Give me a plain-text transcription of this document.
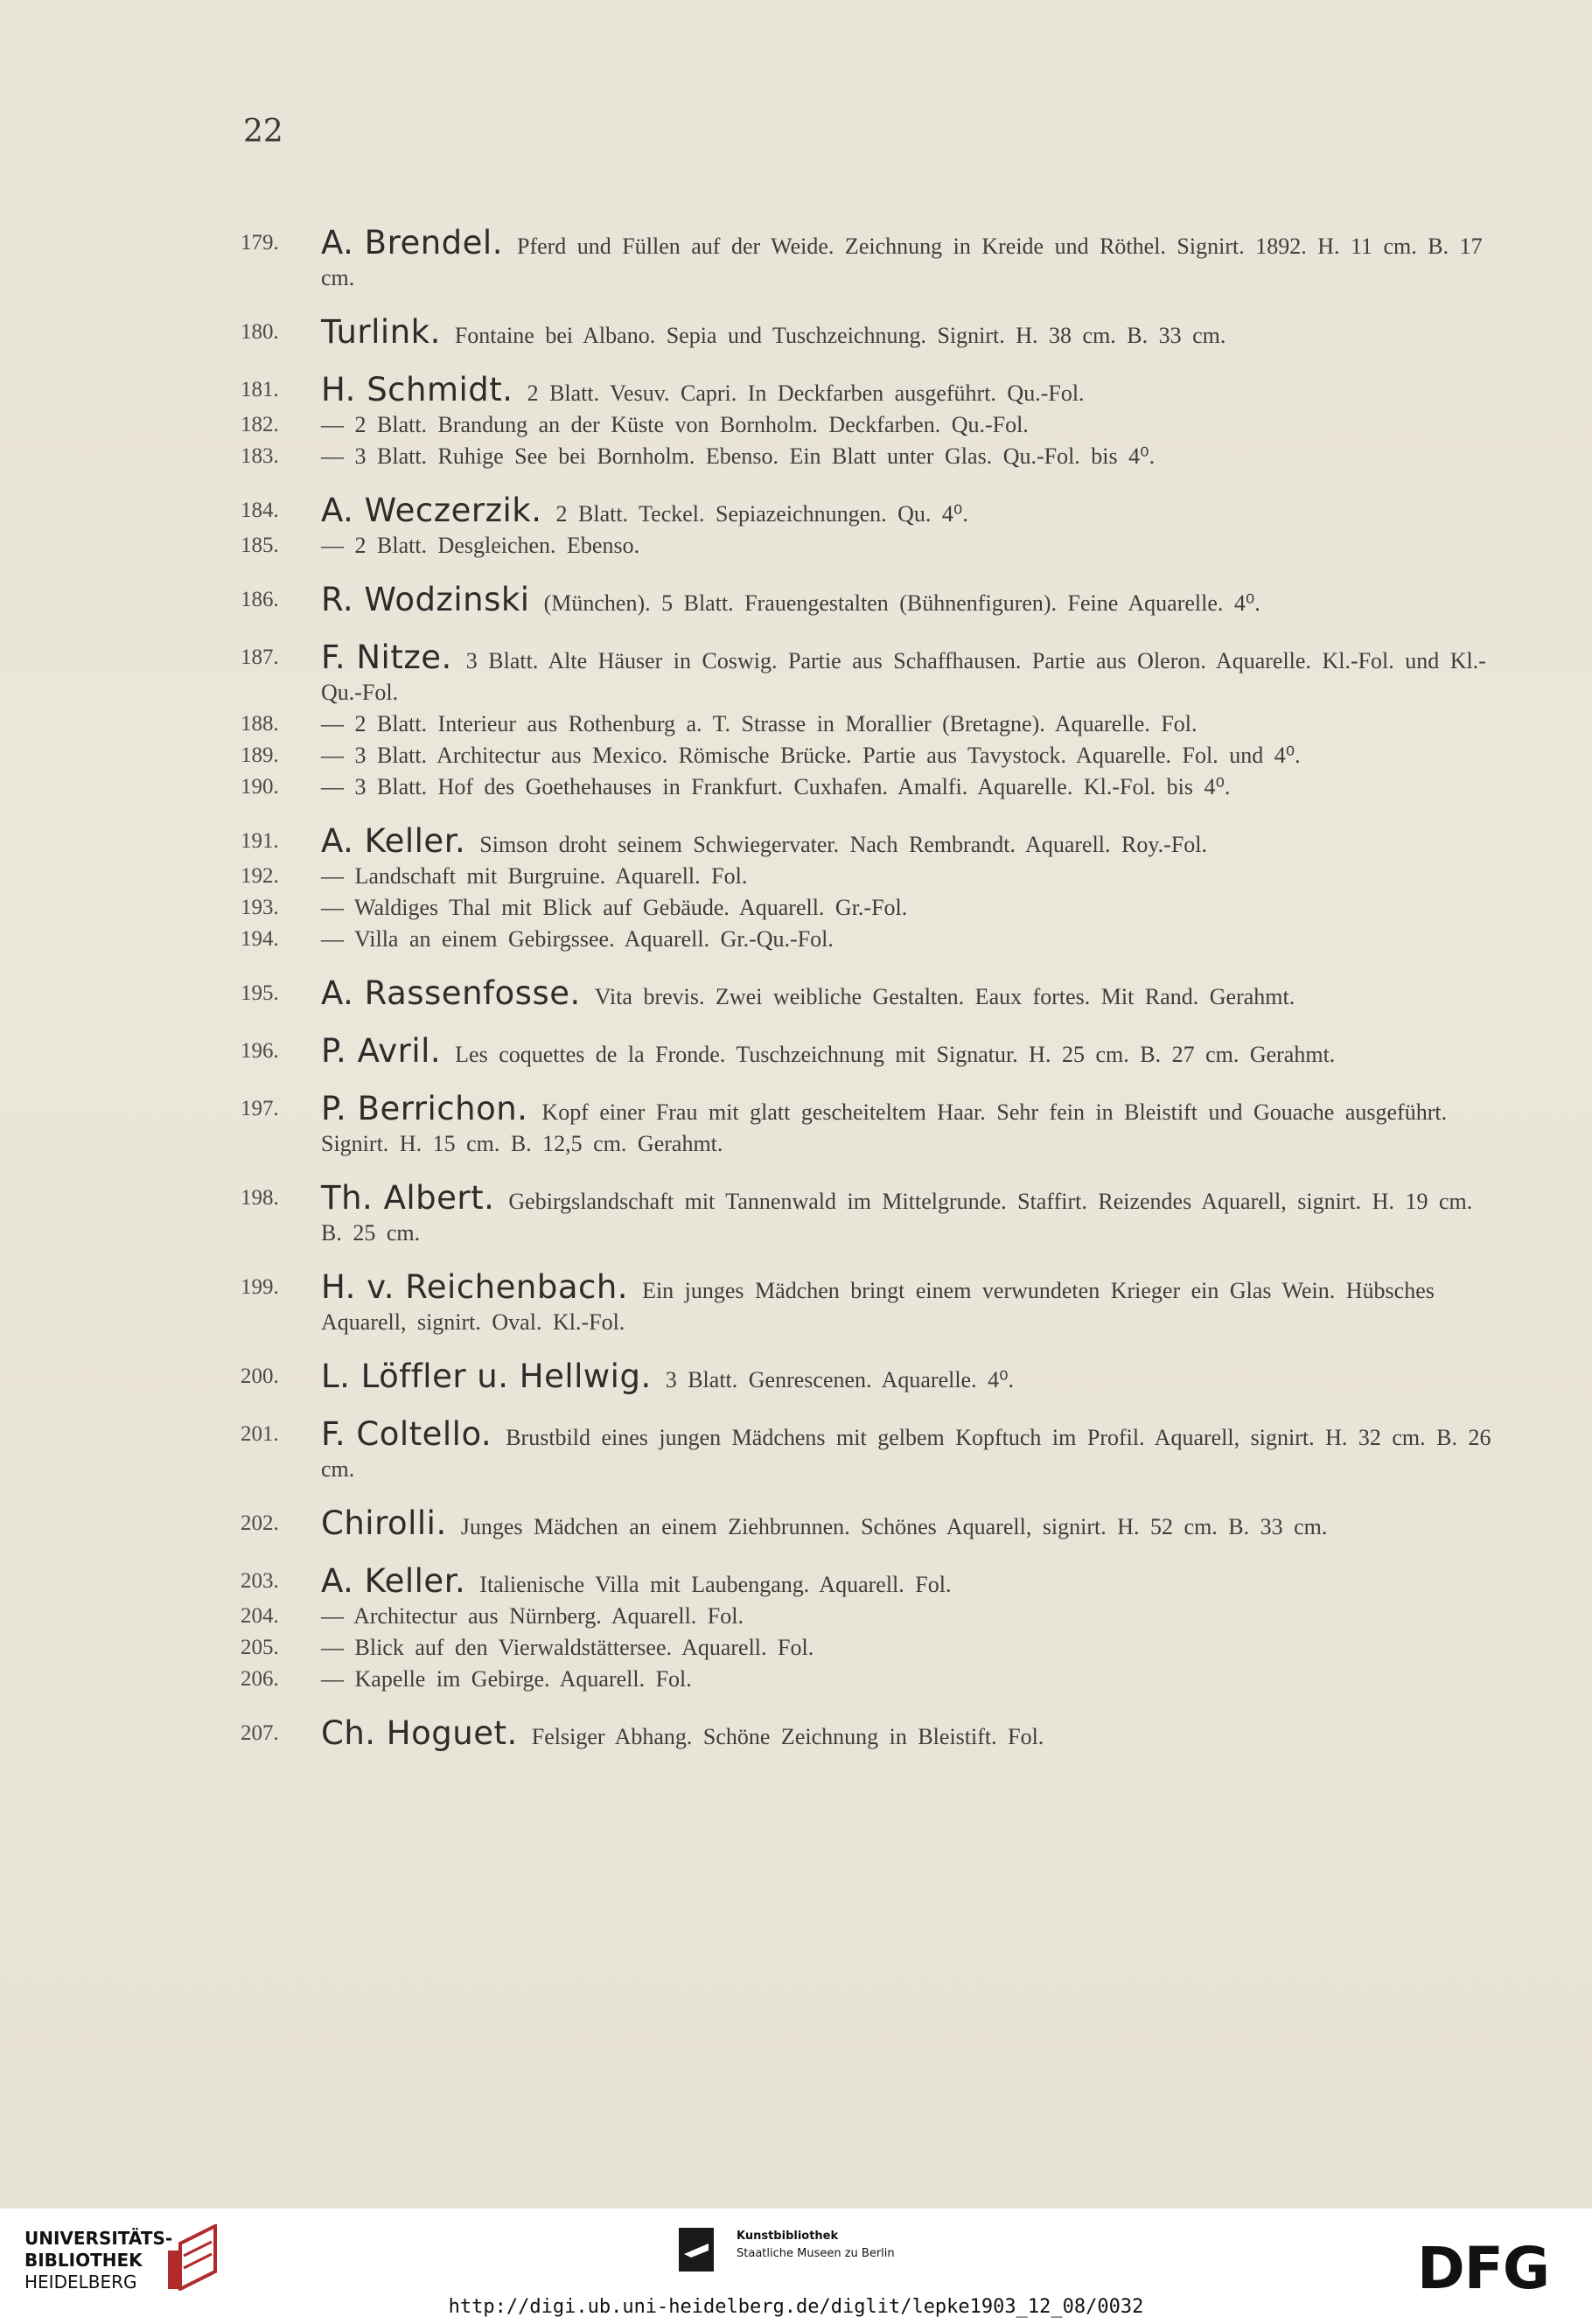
22
179.	A. Brendel. Pferd und Füllen auf der Weide. Zeichnung in Kreide und Röthel. Signirt. 1892. H. 11 cm. B. 17 cm.
180.	Turlink. Fontaine bei Albano. Sepia und Tuschzeichnung. Signirt. H. 38 cm. B. 33 cm.
181.	H. Schmidt. 2 Blatt. Vesuv. Capri. In Deckfarben ausgeführt. Qu.-Fol.
182.	— 2 Blatt. Brandung an der Küste von Bornholm. Deckfarben. Qu.-Fol.
183.	— 3 Blatt. Ruhige See bei Bornholm. Ebenso. Ein Blatt unter Glas. Qu.-Fol. bis 4⁰.
184.	A. Weczerzik. 2 Blatt. Teckel. Sepiazeichnungen. Qu. 4⁰.
185.	— 2 Blatt. Desgleichen. Ebenso.
186.	R. Wodzinski (München). 5 Blatt. Frauengestalten (Bühnenfiguren). Feine Aquarelle. 4⁰.
187.	F. Nitze. 3 Blatt. Alte Häuser in Coswig. Partie aus Schaffhausen. Partie aus Oleron. Aquarelle. Kl.-Fol. und Kl.-Qu.-Fol.
188.	— 2 Blatt. Interieur aus Rothenburg a. T. Strasse in Morallier (Bretagne). Aquarelle. Fol.
189.	— 3 Blatt. Architectur aus Mexico. Römische Brücke. Partie aus Tavystock. Aquarelle. Fol. und 4⁰.
190.	— 3 Blatt. Hof des Goethehauses in Frankfurt. Cuxhafen. Amalfi. Aquarelle. Kl.-Fol. bis 4⁰.
191.	A. Keller. Simson droht seinem Schwiegervater. Nach Rembrandt. Aquarell. Roy.-Fol.
192.	— Landschaft mit Burgruine. Aquarell. Fol.
193.	— Waldiges Thal mit Blick auf Gebäude. Aquarell. Gr.-Fol.
194.	— Villa an einem Gebirgssee. Aquarell. Gr.-Qu.-Fol.
195.	A. Rassenfosse. Vita brevis. Zwei weibliche Gestalten. Eaux fortes. Mit Rand. Gerahmt.
196.	P. Avril. Les coquettes de la Fronde. Tuschzeichnung mit Signatur. H. 25 cm. B. 27 cm. Gerahmt.
197.	P. Berrichon. Kopf einer Frau mit glatt gescheiteltem Haar. Sehr fein in Bleistift und Gouache ausgeführt. Signirt. H. 15 cm. B. 12,5 cm. Gerahmt.
198.	Th. Albert. Gebirgslandschaft mit Tannenwald im Mittelgrunde. Staffirt. Reizendes Aquarell, signirt. H. 19 cm. B. 25 cm.
199.	H. v. Reichenbach. Ein junges Mädchen bringt einem verwundeten Krieger ein Glas Wein. Hübsches Aquarell, signirt. Oval. Kl.-Fol.
200.	L. Löffler u. Hellwig. 3 Blatt. Genrescenen. Aquarelle. 4⁰.
201.	F. Coltello. Brustbild eines jungen Mädchens mit gelbem Kopftuch im Profil. Aquarell, signirt. H. 32 cm. B. 26 cm.
202.	Chirolli. Junges Mädchen an einem Ziehbrunnen. Schönes Aquarell, signirt. H. 52 cm. B. 33 cm.
203.	A. Keller. Italienische Villa mit Laubengang. Aquarell. Fol.
204.	— Architectur aus Nürnberg. Aquarell. Fol.
205.	— Blick auf den Vierwaldstättersee. Aquarell. Fol.
206.	— Kapelle im Gebirge. Aquarell. Fol.
207.	Ch. Hoguet. Felsiger Abhang. Schöne Zeichnung in Bleistift. Fol.
UNIVERSITÄTS-
BIBLIOTHEK
HEIDELBERG
Kunstbibliothek
Staatliche Museen zu Berlin	DFG
http://digi.ub.uni-heidelberg.de/diglit/lepke1903_12_08/0032
